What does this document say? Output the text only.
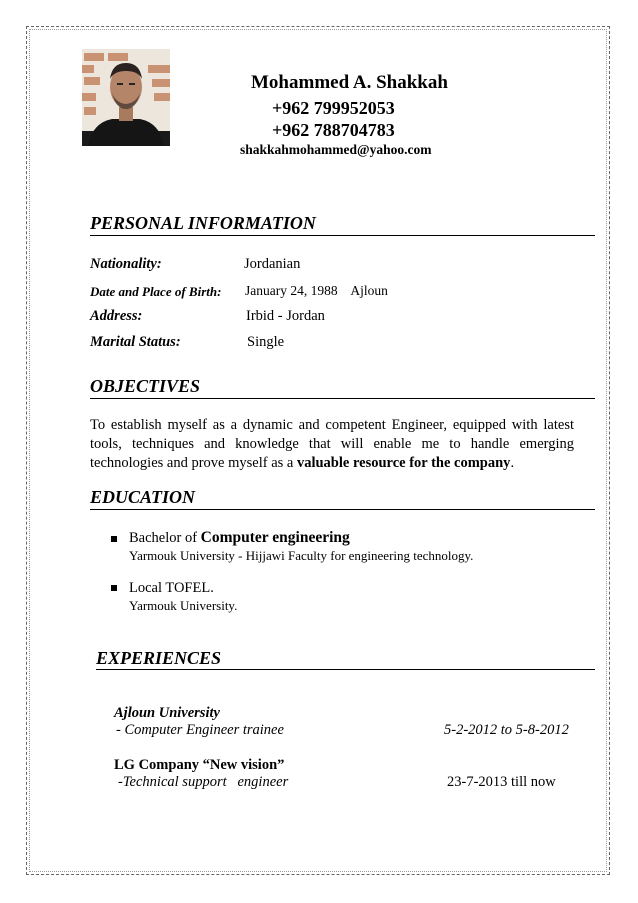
Mohammed A. Shakkah
+962 799952053
+962 788704783
shakkahmohammed@yahoo.com
PERSONAL INFORMATION
Nationality:	Jordanian
Date and Place of Birth: January 24, 1988    Ajloun
Address:	Irbid - Jordan
Marital Status:	Single
OBJECTIVES
To establish myself as a dynamic and competent Engineer, equipped with latest tools, techniques and knowledge that will enable me to handle emerging technologies and prove myself as a valuable resource for the company.
EDUCATION
Bachelor of Computer engineering
Yarmouk University - Hijjawi Faculty for engineering technology.
Local TOFEL.
Yarmouk University.
EXPERIENCES
Ajloun University
- Computer Engineer trainee	5-2-2012 to 5-8-2012
LG Company “New vision”
-Technical support   engineer	23-7-2013 till now
